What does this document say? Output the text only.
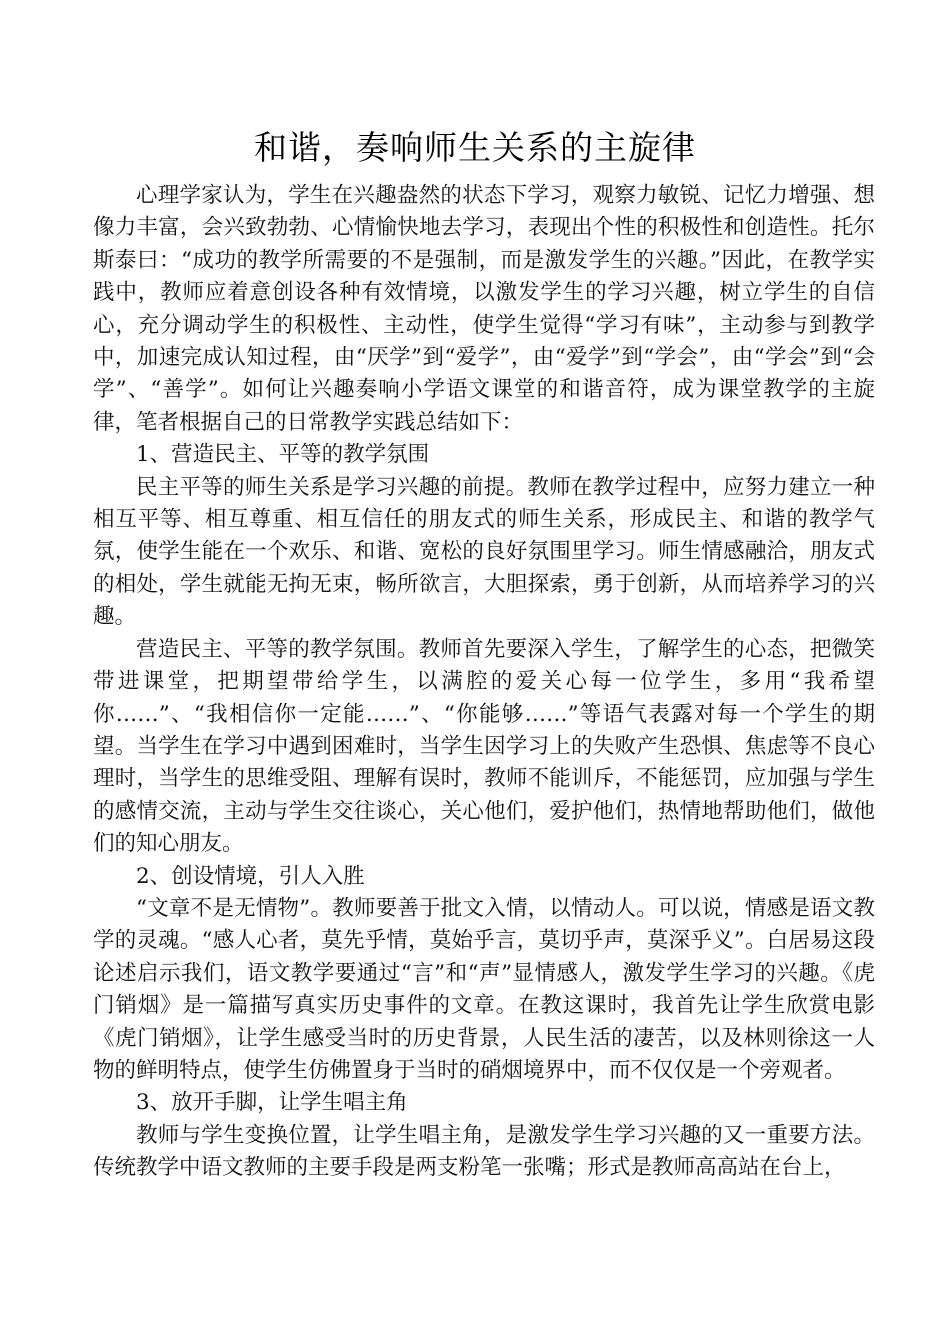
和谐，奏响师生关系的主旋律

心理学家认为，学生在兴趣盎然的状态下学习，观察力敏锐、记忆力增强、想像力丰富，会兴致勃勃、心情愉快地去学习，表现出个性的积极性和创造性。托尔斯泰曰：“成功的教学所需要的不是强制，而是激发学生的兴趣。”因此，在教学实践中，教师应着意创设各种有效情境，以激发学生的学习兴趣，树立学生的自信心，充分调动学生的积极性、主动性，使学生觉得“学习有味”，主动参与到教学中，加速完成认知过程，由“厌学”到“爱学”，由“爱学”到“学会”，由“学会”到“会学”、“善学”。如何让兴趣奏响小学语文课堂的和谐音符，成为课堂教学的主旋律，笔者根据自己的日常教学实践总结如下：

1、营造民主、平等的教学氛围

民主平等的师生关系是学习兴趣的前提。教师在教学过程中，应努力建立一种相互平等、相互尊重、相互信任的朋友式的师生关系，形成民主、和谐的教学气氛，使学生能在一个欢乐、和谐、宽松的良好氛围里学习。师生情感融洽，朋友式的相处，学生就能无拘无束，畅所欲言，大胆探索，勇于创新，从而培养学习的兴趣。

营造民主、平等的教学氛围。教师首先要深入学生，了解学生的心态，把微笑带进课堂，把期望带给学生，以满腔的爱关心每一位学生，多用“我希望你……”、“我相信你一定能……”、“你能够……”等语气表露对每一个学生的期望。当学生在学习中遇到困难时，当学生因学习上的失败产生恐惧、焦虑等不良心理时，当学生的思维受阻、理解有误时，教师不能训斥，不能惩罚，应加强与学生的感情交流，主动与学生交往谈心，关心他们，爱护他们，热情地帮助他们，做他们的知心朋友。

2、创设情境，引人入胜

“文章不是无情物”。教师要善于批文入情，以情动人。可以说，情感是语文教学的灵魂。“感人心者，莫先乎情，莫始乎言，莫切乎声，莫深乎义”。白居易这段论述启示我们，语文教学要通过“言”和“声”显情感人，激发学生学习的兴趣。《虎门销烟》是一篇描写真实历史事件的文章。在教这课时，我首先让学生欣赏电影《虎门销烟》，让学生感受当时的历史背景，人民生活的凄苦，以及林则徐这一人物的鲜明特点，使学生仿佛置身于当时的硝烟境界中，而不仅仅是一个旁观者。

3、放开手脚，让学生唱主角

教师与学生变换位置，让学生唱主角，是激发学生学习兴趣的又一重要方法。传统教学中语文教师的主要手段是两支粉笔一张嘴；形式是教师高高站在台上，
